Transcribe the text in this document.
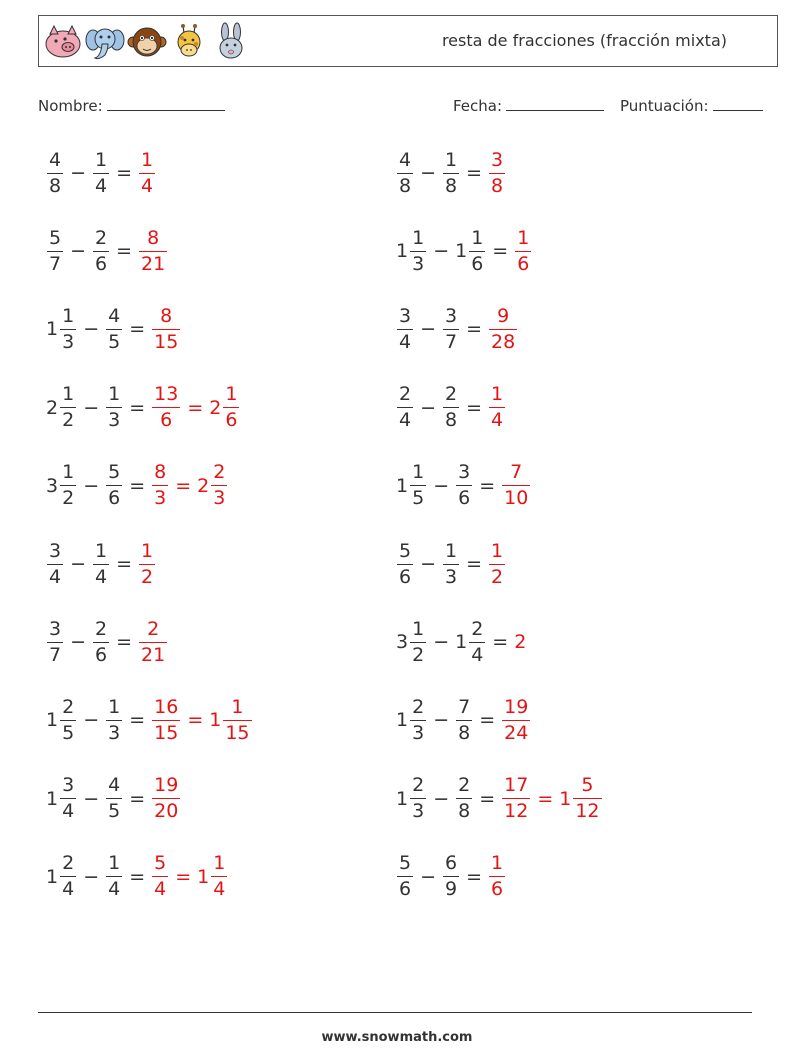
resta de fracciones (fracción mixta)
Nombre:	Fecha:	Puntuación:
$\frac{4}{8} - \frac{1}{4} = \frac{1}{4}$	$\frac{4}{8} - \frac{1}{8} = \frac{3}{8}$
$\frac{5}{7} - \frac{2}{6} = \frac{8}{21}$	$1 \frac{1}{3} - 1 \frac{1}{6} = \frac{1}{6}$
$1 \frac{1}{3} - \frac{4}{5} = \frac{8}{15}$	$\frac{3}{4} - \frac{3}{7} = \frac{9}{28}$
$2 \frac{1}{2} - \frac{1}{3} = \frac{13}{6} = 2 \frac{1}{6}$	$\frac{2}{4} - \frac{2}{8} = \frac{1}{4}$
$3 \frac{1}{2} - \frac{5}{6} = \frac{8}{3} = 2 \frac{2}{3}$	$1 \frac{1}{5} - \frac{3}{6} = \frac{7}{10}$
$\frac{3}{4} - \frac{1}{4} = \frac{1}{2}$	$\frac{5}{6} - \frac{1}{3} = \frac{1}{2}$
$\frac{3}{7} - \frac{2}{6} = \frac{2}{21}$	$3 \frac{1}{2} - 1 \frac{2}{4} = 2$
$1 \frac{2}{5} - \frac{1}{3} = \frac{16}{15} = 1 \frac{1}{15}$	$1 \frac{2}{3} - \frac{7}{8} = \frac{19}{24}$
$1 \frac{3}{4} - \frac{4}{5} = \frac{19}{20}$	$1 \frac{2}{3} - \frac{2}{8} = \frac{17}{12} = 1 \frac{5}{12}$
$1 \frac{2}{4} - \frac{1}{4} = \frac{5}{4} = 1 \frac{1}{4}$	$\frac{5}{6} - \frac{6}{9} = \frac{1}{6}$
www.snowmath.com
